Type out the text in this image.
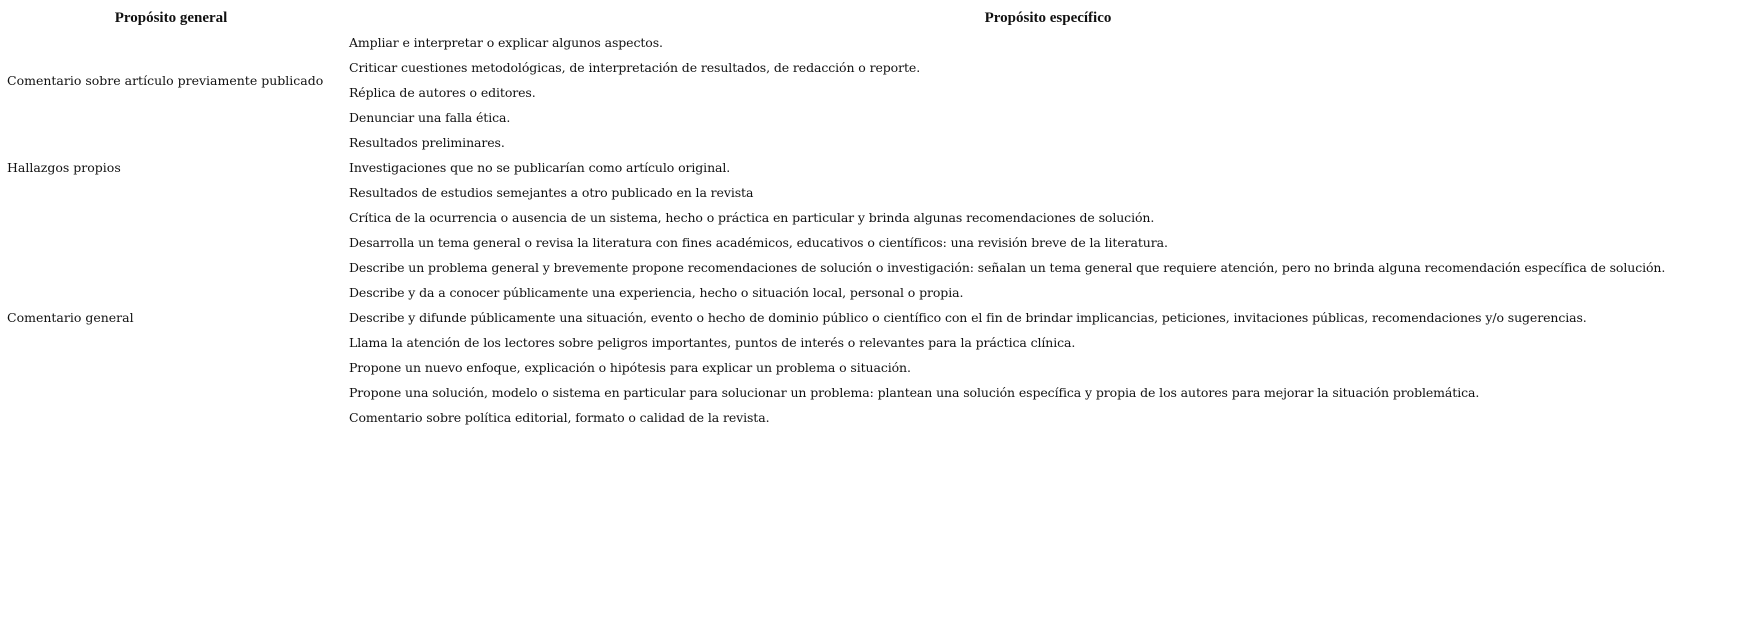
Propósito general	Propósito específico
Comentario sobre artículo previamente publicado	Ampliar e interpretar o explicar algunos aspectos.
	Criticar cuestiones metodológicas, de interpretación de resultados, de redacción o reporte.
	Réplica de autores o editores.
	Denunciar una falla ética.
Hallazgos propios	Resultados preliminares.
	Investigaciones que no se publicarían como artículo original.
	Resultados de estudios semejantes a otro publicado en la revista
Comentario general	Crítica de la ocurrencia o ausencia de un sistema, hecho o práctica en particular y brinda algunas recomendaciones de solución.
	Desarrolla un tema general o revisa la literatura con fines académicos, educativos o científicos: una revisión breve de la literatura.
	Describe un problema general y brevemente propone recomendaciones de solución o investigación: señalan un tema general que requiere atención, pero no brinda alguna recomendación específica de solución.
	Describe y da a conocer públicamente una experiencia, hecho o situación local, personal o propia.
	Describe y difunde públicamente una situación, evento o hecho de dominio público o científico con el fin de brindar implicancias, peticiones, invitaciones públicas, recomendaciones y/o sugerencias.
	Llama la atención de los lectores sobre peligros importantes, puntos de interés o relevantes para la práctica clínica.
	Propone un nuevo enfoque, explicación o hipótesis para explicar un problema o situación.
	Propone una solución, modelo o sistema en particular para solucionar un problema: plantean una solución específica y propia de los autores para mejorar la situación problemática.
	Comentario sobre política editorial, formato o calidad de la revista.
